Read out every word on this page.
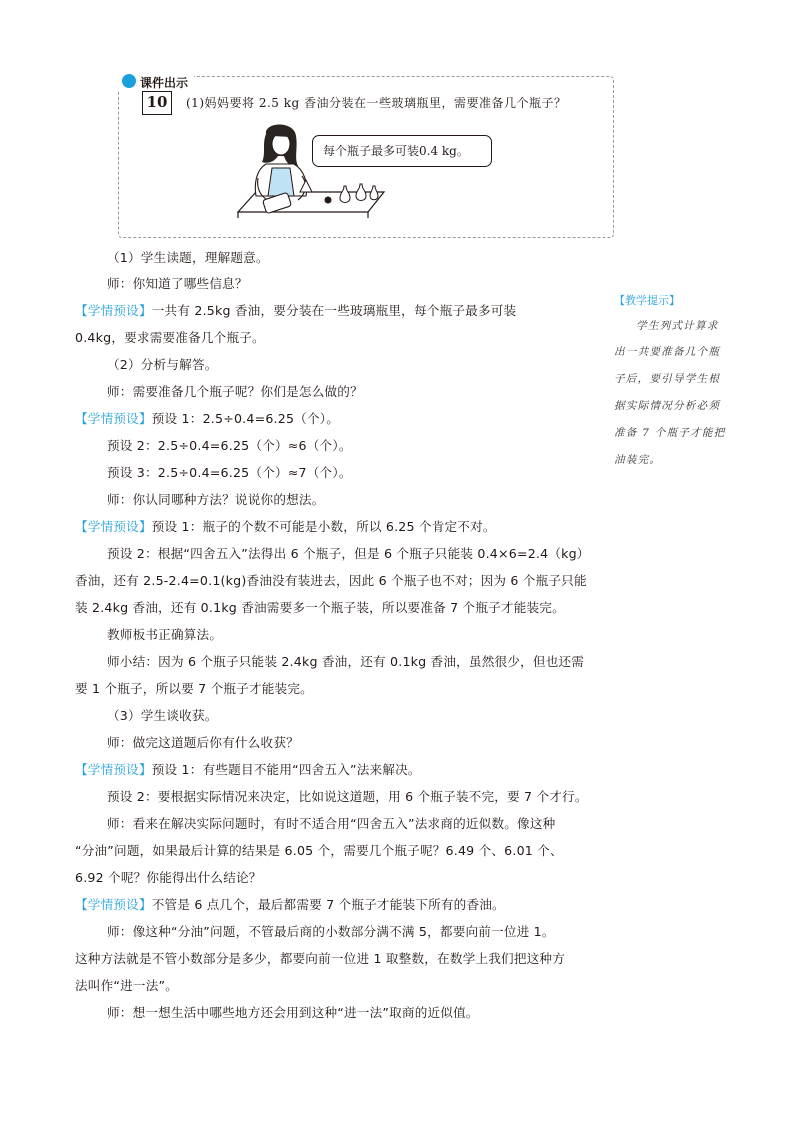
课件出示
10	(1)妈妈要将 2.5 kg 香油分装在一些玻璃瓶里，需要准备几个瓶子？
每个瓶子最多可装0.4 kg。
（1）学生读题，理解题意。
师：你知道了哪些信息？
【学情预设】一共有 2.5kg 香油，要分装在一些玻璃瓶里，每个瓶子最多可装
0.4kg，要求需要准备几个瓶子。
（2）分析与解答。
师：需要准备几个瓶子呢？你们是怎么做的？
【学情预设】预设 1：2.5÷0.4=6.25（个）。
预设 2：2.5÷0.4=6.25（个）≈6（个）。
预设 3：2.5÷0.4=6.25（个）≈7（个）。
师：你认同哪种方法？说说你的想法。
【学情预设】预设 1：瓶子的个数不可能是小数，所以 6.25 个肯定不对。
预设 2：根据“四舍五入”法得出 6 个瓶子，但是 6 个瓶子只能装 0.4×6=2.4（kg）
香油，还有 2.5-2.4=0.1(kg)香油没有装进去，因此 6 个瓶子也不对；因为 6 个瓶子只能
装 2.4kg 香油，还有 0.1kg 香油需要多一个瓶子装，所以要准备 7 个瓶子才能装完。
教师板书正确算法。
师小结：因为 6 个瓶子只能装 2.4kg 香油，还有 0.1kg 香油，虽然很少，但也还需
要 1 个瓶子，所以要 7 个瓶子才能装完。
（3）学生谈收获。
师：做完这道题后你有什么收获？
【学情预设】预设 1：有些题目不能用“四舍五入”法来解决。
预设 2：要根据实际情况来决定，比如说这道题，用 6 个瓶子装不完，要 7 个才行。
师：看来在解决实际问题时，有时不适合用“四舍五入”法求商的近似数。像这种
“分油”问题，如果最后计算的结果是 6.05 个，需要几个瓶子呢？6.49 个、6.01 个、
6.92 个呢？你能得出什么结论？
【学情预设】不管是 6 点几个，最后都需要 7 个瓶子才能装下所有的香油。
师：像这种“分油”问题，不管最后商的小数部分满不满 5，都要向前一位进 1。
这种方法就是不管小数部分是多少，都要向前一位进 1 取整数，在数学上我们把这种方
法叫作“进一法”。
师：想一想生活中哪些地方还会用到这种“进一法”取商的近似值。
【教学提示】
学生列式计算求
出一共要准备几个瓶
子后，要引导学生根
据实际情况分析必须
准备 7 个瓶子才能把
油装完。
